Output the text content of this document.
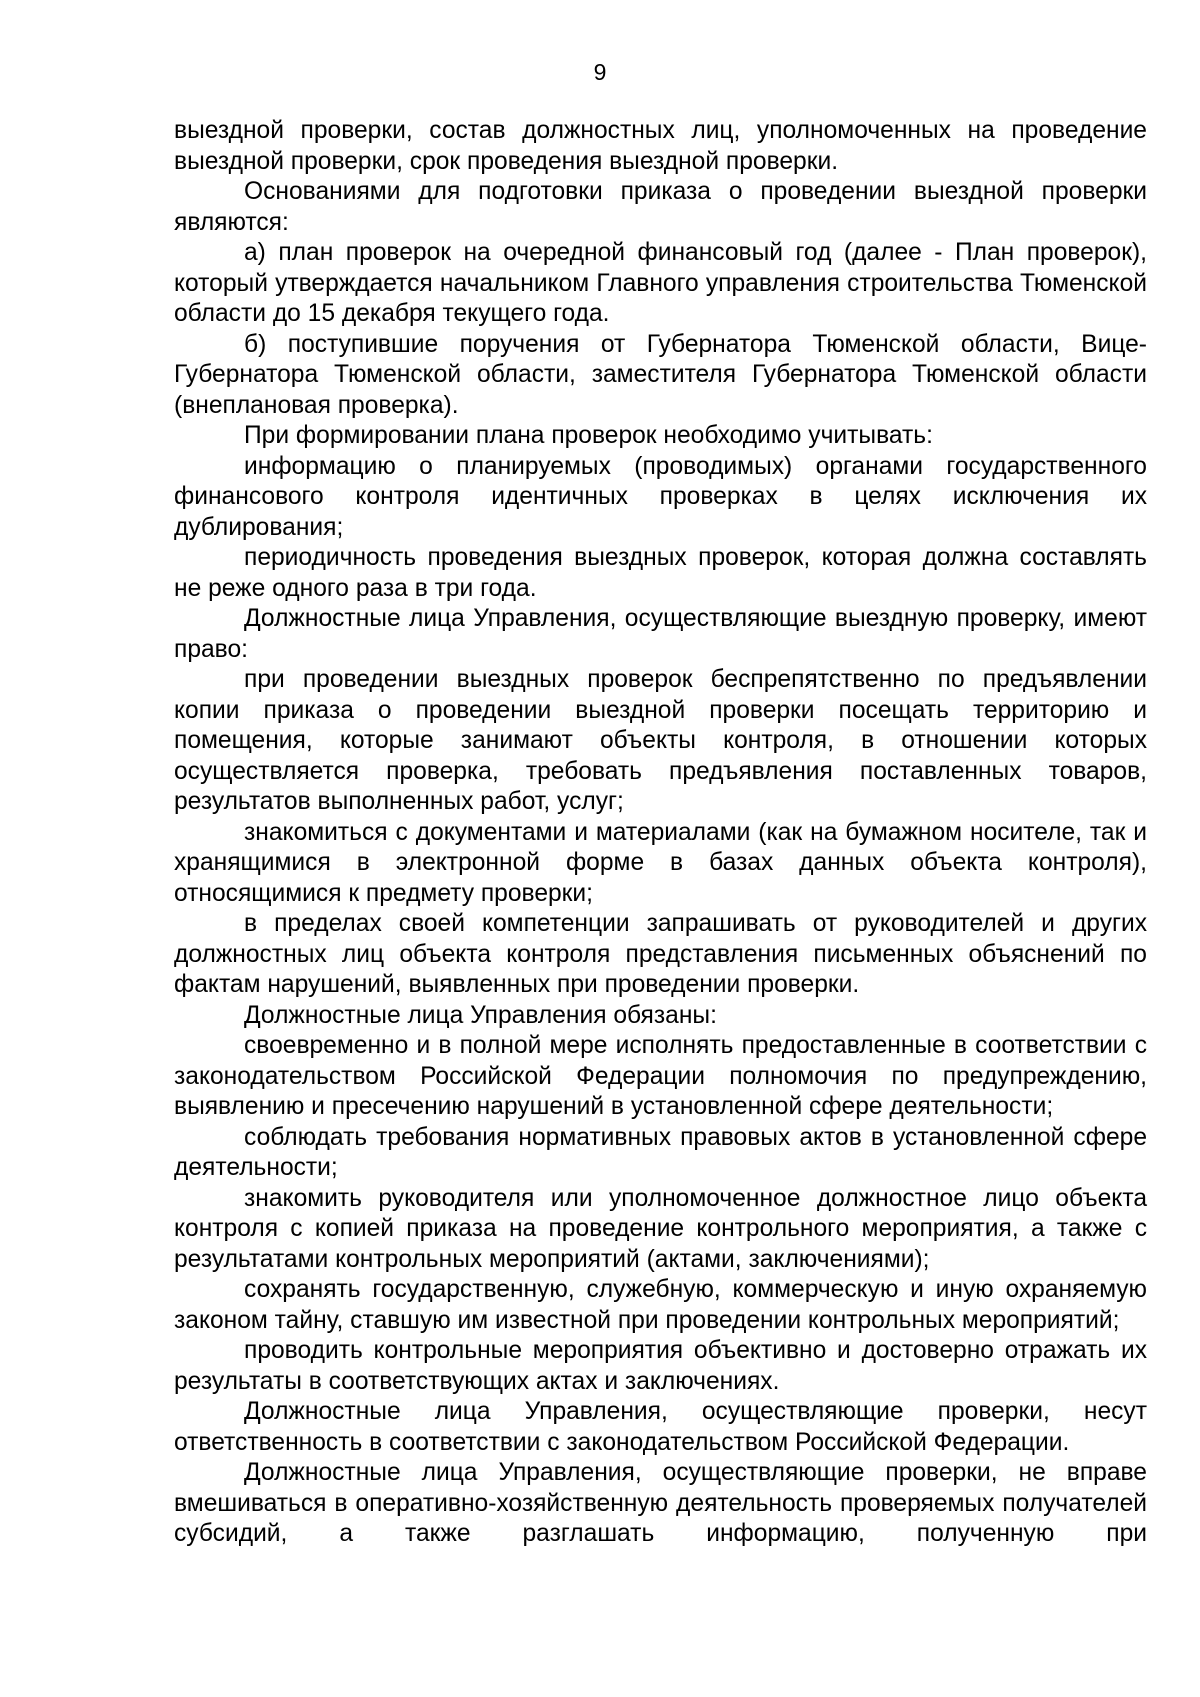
9

выездной проверки, состав должностных лиц, уполномоченных на проведение выездной проверки, срок проведения выездной проверки.

Основаниями для подготовки приказа о проведении выездной проверки являются:

а) план проверок на очередной финансовый год (далее - План проверок), который утверждается начальником Главного управления строительства Тюменской области до 15 декабря текущего года.

б) поступившие поручения от Губернатора Тюменской области, Вице-Губернатора Тюменской области, заместителя Губернатора Тюменской области (внеплановая проверка).

При формировании плана проверок необходимо учитывать:

информацию о планируемых (проводимых) органами государственного финансового контроля идентичных проверках в целях исключения их дублирования;

периодичность проведения выездных проверок, которая должна составлять не реже одного раза в три года.

Должностные лица Управления, осуществляющие выездную проверку, имеют право:

при проведении выездных проверок беспрепятственно по предъявлении копии приказа о проведении выездной проверки посещать территорию и помещения, которые занимают объекты контроля, в отношении которых осуществляется проверка, требовать предъявления поставленных товаров, результатов выполненных работ, услуг;

знакомиться с документами и материалами (как на бумажном носителе, так и хранящимися в электронной форме в базах данных объекта контроля), относящимися к предмету проверки;

в пределах своей компетенции запрашивать от руководителей и других должностных лиц объекта контроля представления письменных объяснений по фактам нарушений, выявленных при проведении проверки.

Должностные лица Управления обязаны:

своевременно и в полной мере исполнять предоставленные в соответствии с законодательством Российской Федерации полномочия по предупреждению, выявлению и пресечению нарушений в установленной сфере деятельности;

соблюдать требования нормативных правовых актов в установленной сфере деятельности;

знакомить руководителя или уполномоченное должностное лицо объекта контроля с копией приказа на проведение контрольного мероприятия, а также с результатами контрольных мероприятий (актами, заключениями);

сохранять государственную, служебную, коммерческую и иную охраняемую законом тайну, ставшую им известной при проведении контрольных мероприятий;

проводить контрольные мероприятия объективно и достоверно отражать их результаты в соответствующих актах и заключениях.

Должностные лица Управления, осуществляющие проверки, несут ответственность в соответствии с законодательством Российской Федерации.

Должностные лица Управления, осуществляющие проверки, не вправе вмешиваться в оперативно-хозяйственную деятельность проверяемых получателей субсидий, а также разглашать информацию, полученную при
